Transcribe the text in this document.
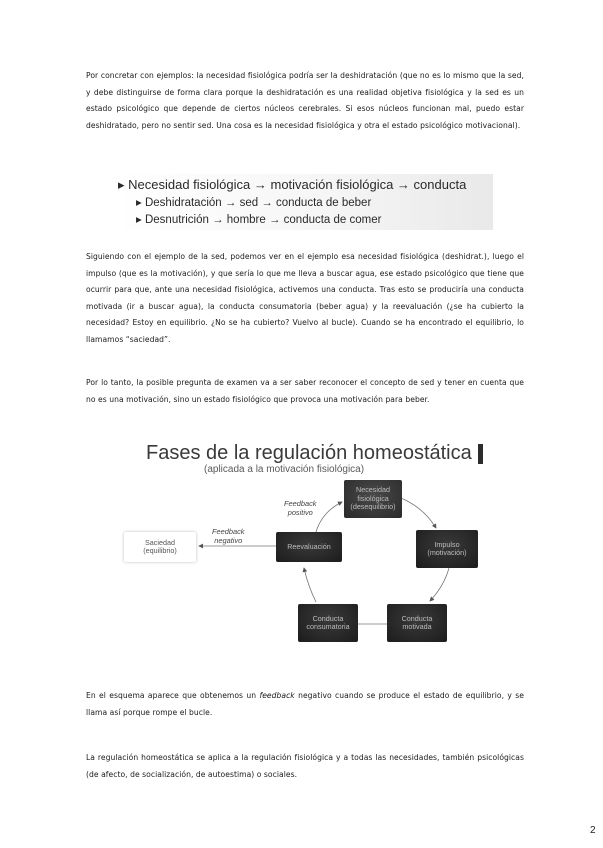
Por concretar con ejemplos: la necesidad fisiológica podría ser la deshidratación (que no es lo mismo que la sed, y debe distinguirse de forma clara porque la deshidratación es una realidad objetiva fisiológica y la sed es un estado psicológico que depende de ciertos núcleos cerebrales. Si esos núcleos funcionan mal, puedo estar deshidratado, pero no sentir sed. Una cosa es la necesidad fisiológica y otra el estado psicológico motivacional).

▸ Necesidad fisiológica → motivación fisiológica → conducta
▸ Deshidratación → sed → conducta de beber
▸ Desnutrición → hombre → conducta de comer

Siguiendo con el ejemplo de la sed, podemos ver en el ejemplo esa necesidad fisiológica (deshidrat.), luego el impulso (que es la motivación), y que sería lo que me lleva a buscar agua, ese estado psicológico que tiene que ocurrir para que, ante una necesidad fisiológica, activemos una conducta. Tras esto se produciría una conducta motivada (ir a buscar agua), la conducta consumatoria (beber agua) y la reevaluación (¿se ha cubierto la necesidad? Estoy en equilibrio. ¿No se ha cubierto? Vuelvo al bucle). Cuando se ha encontrado el equilibrio, lo llamamos “saciedad”.

Por lo tanto, la posible pregunta de examen va a ser saber reconocer el concepto de sed y tener en cuenta que no es una motivación, sino un estado fisiológico que provoca una motivación para beber.

Fases de la regulación homeostática
(aplicada a la motivación fisiológica)
Necesidad
fisiológica
(desequilibrio)
Impulso
(motivación)
Conducta
motivada
Conducta
consumatoria
Reevaluación
Saciedad
(equilibrio)
Feedback
positivo
Feedback
negativo

En el esquema aparece que obtenemos un feedback negativo cuando se produce el estado de equilibrio, y se llama así porque rompe el bucle.

La regulación homeostática se aplica a la regulación fisiológica y a todas las necesidades, también psicológicas (de afecto, de socialización, de autoestima) o sociales.

2
